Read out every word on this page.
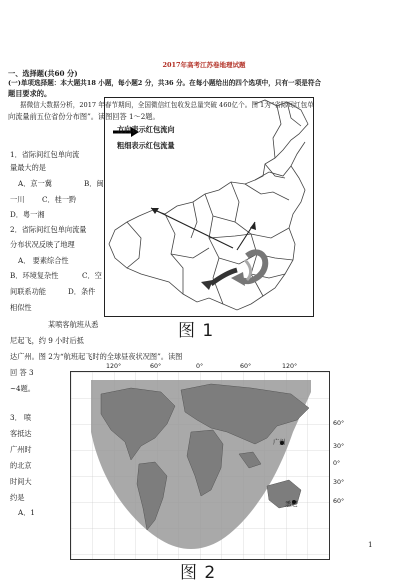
2017年高考江苏卷地理试题
一、选择题(共60 分)
(一)单项选择题：本大题共18 小题，每小题2 分，共36 分。在每小题给出的四个选项中，只有一项是符合
题目要求的。
据微信大数据分析，2017 年春节期间，全国微信红包收发总量突破 460亿个。图 1为“省际间红包单
向流量前五位省份分布图”。读图回答 1～2题。
1．省际间红包单向流
量最大的是
A．京一冀	B．闽
一川 C．桂一黔
D．粤一湘
2．省际间红包单向流量
分布状况反映了地理
A． 要素综合性
B．环境复杂性	C．空
间联系功能	D．条件
相似性
方向表示红包流向
粗细表示红包流量
图 1
某喷客航班从悉
尼起飞，约 9 小时后抵
达广州。图 2为“航班起飞时的全球昼夜状况图”。读图
回 答 3
~4题。
3． 喷
客抵达
广州时
的北京
时间大
约是
A．1
120°	60°	0°	60°	120°
广州
悉尼
60°
30°
0°
30°
60°
图 2
1
